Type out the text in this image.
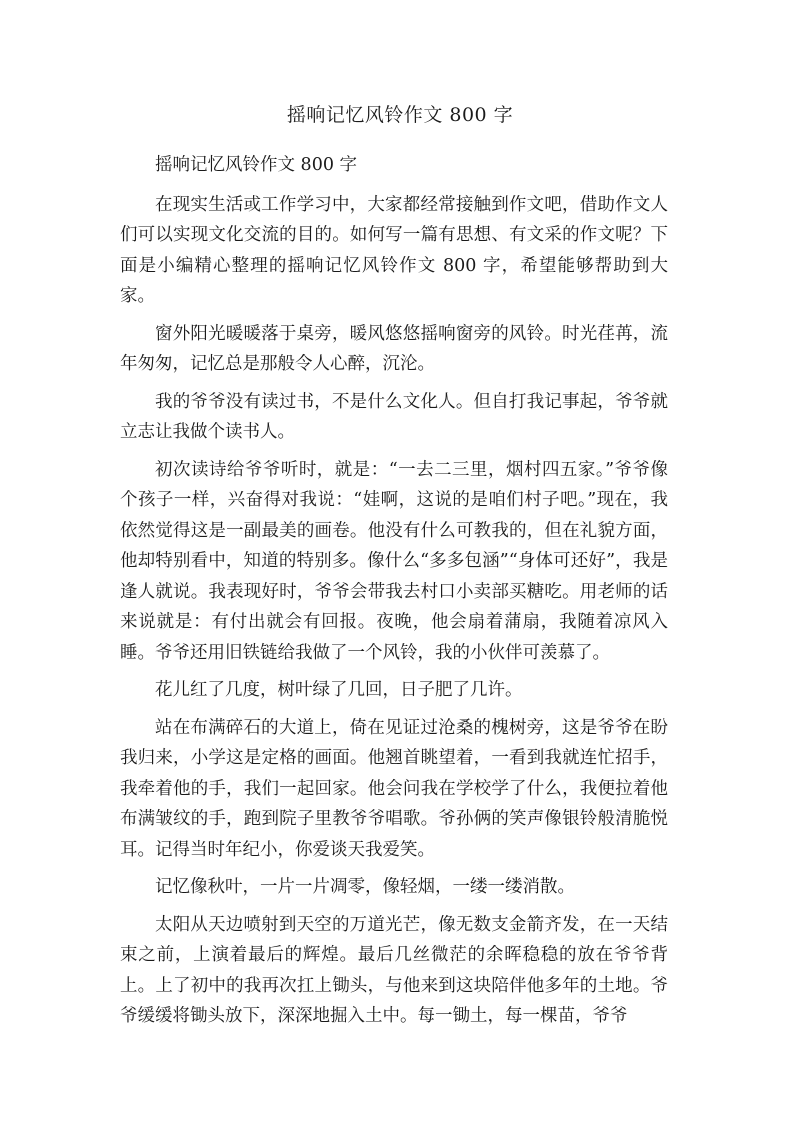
摇响记忆风铃作文 800 字

摇响记忆风铃作文 800 字

在现实生活或工作学习中，大家都经常接触到作文吧，借助作文人们可以实现文化交流的目的。如何写一篇有思想、有文采的作文呢？下面是小编精心整理的摇响记忆风铃作文 800 字，希望能够帮助到大家。

窗外阳光暖暖落于桌旁，暖风悠悠摇响窗旁的风铃。时光荏苒，流年匆匆，记忆总是那般令人心醉，沉沦。

我的爷爷没有读过书，不是什么文化人。但自打我记事起，爷爷就立志让我做个读书人。

初次读诗给爷爷听时，就是：“一去二三里，烟村四五家。”爷爷像个孩子一样，兴奋得对我说：“娃啊，这说的是咱们村子吧。”现在，我依然觉得这是一副最美的画卷。他没有什么可教我的，但在礼貌方面，他却特别看中，知道的特别多。像什么“多多包涵”“身体可还好”，我是逢人就说。我表现好时，爷爷会带我去村口小卖部买糖吃。用老师的话来说就是：有付出就会有回报。夜晚，他会扇着蒲扇，我随着凉风入睡。爷爷还用旧铁链给我做了一个风铃，我的小伙伴可羡慕了。

花儿红了几度，树叶绿了几回，日子肥了几许。

站在布满碎石的大道上，倚在见证过沧桑的槐树旁，这是爷爷在盼我归来，小学这是定格的画面。他翘首眺望着，一看到我就连忙招手，我牵着他的手，我们一起回家。他会问我在学校学了什么，我便拉着他布满皱纹的手，跑到院子里教爷爷唱歌。爷孙俩的笑声像银铃般清脆悦耳。记得当时年纪小，你爱谈天我爱笑。

记忆像秋叶，一片一片凋零，像轻烟，一缕一缕消散。

太阳从天边喷射到天空的万道光芒，像无数支金箭齐发，在一天结束之前，上演着最后的辉煌。最后几丝微茫的余晖稳稳的放在爷爷背上。上了初中的我再次扛上锄头，与他来到这块陪伴他多年的土地。爷爷缓缓将锄头放下，深深地掘入土中。每一锄土，每一棵苗，爷爷
